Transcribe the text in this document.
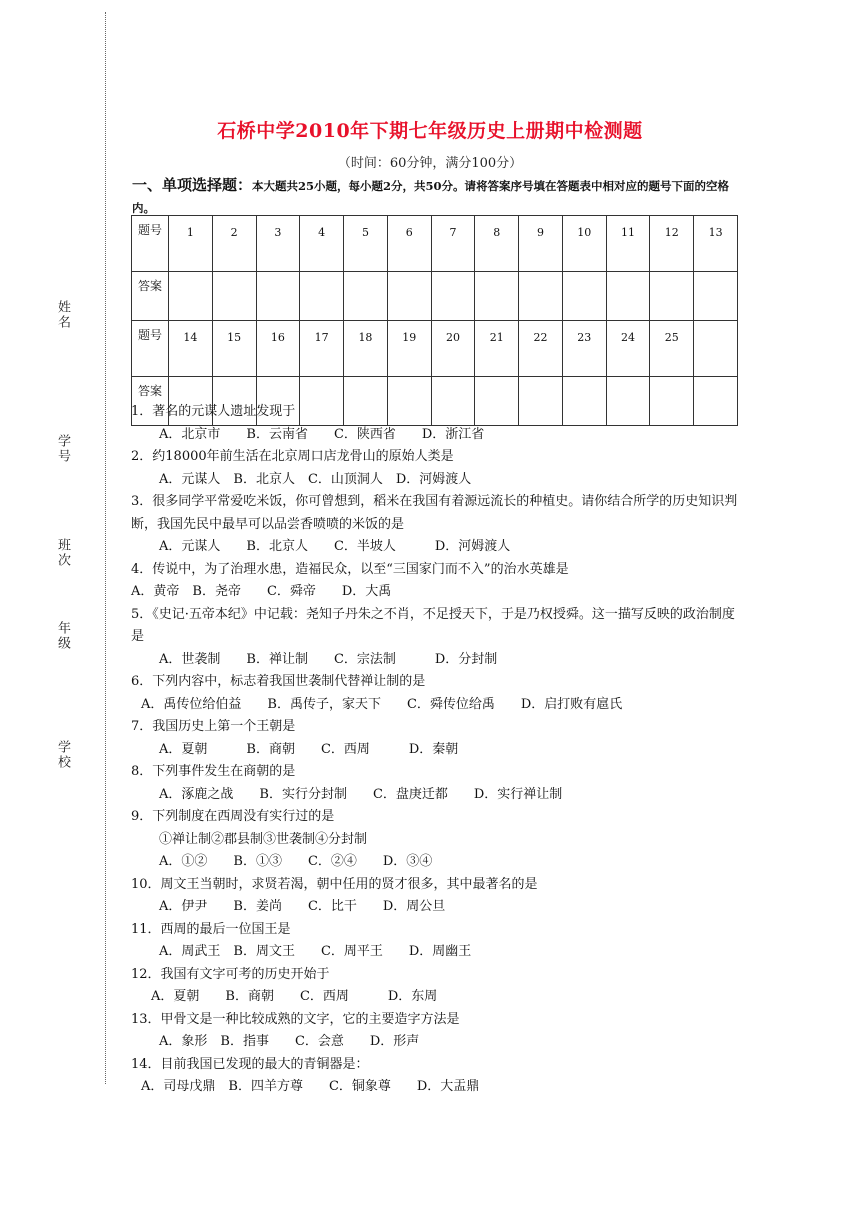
姓名
学号
班次
年级
学校
石桥中学2010年下期七年级历史上册期中检测题
（时间：60分钟，满分100分）
一、单项选择题：本大题共25小题，每小题2分，共50分。请将答案序号填在答题表中相对应的题号下面的空格内。
题号	1	2	3	4	5	6	7	8	9	10	11	12	13
答案													
题号	14	15	16	17	18	19	20	21	22	23	24	25	
答案													
1．著名的元谋人遗址发现于
A．北京市　　B．云南省　　C．陕西省　　D．浙江省
2．约18000年前生活在北京周口店龙骨山的原始人类是
A．元谋人　B．北京人　C．山顶洞人　D．河姆渡人
3．很多同学平常爱吃米饭，你可曾想到，稻米在我国有着源远流长的种植史。请你结合所学的历史知识判断，我国先民中最早可以品尝香喷喷的米饭的是
A．元谋人　　B．北京人　　C．半坡人　　　D．河姆渡人
4．传说中，为了治理水患，造福民众，以至“三国家门而不入”的治水英雄是
A．黄帝　B．尧帝　　C．舜帝　　D．大禹
5．《史记·五帝本纪》中记载：尧知子丹朱之不肖，不足授天下，于是乃权授舜。这一描写反映的政治制度是
A．世袭制　　B．禅让制　　C．宗法制　　　D．分封制
6．下列内容中，标志着我国世袭制代替禅让制的是
A．禹传位给伯益　　B．禹传子，家天下　　C．舜传位给禹　　D．启打败有扈氏
7．我国历史上第一个王朝是
A．夏朝　　　B．商朝　　C．西周　　　D．秦朝
8．下列事件发生在商朝的是
A．涿鹿之战　　B．实行分封制　　C．盘庚迁都　　D．实行禅让制
9．下列制度在西周没有实行过的是
①禅让制②郡县制③世袭制④分封制
A．①②　　B．①③　　C．②④　　D．③④
10．周文王当朝时，求贤若渴，朝中任用的贤才很多，其中最著名的是
A．伊尹　　B．姜尚　　C．比干　　D．周公旦
11．西周的最后一位国王是
A．周武王　B．周文王　　C．周平王　　D．周幽王
12．我国有文字可考的历史开始于
A．夏朝　　B．商朝　　C．西周　　　D．东周
13．甲骨文是一种比较成熟的文字，它的主要造字方法是
A．象形　B．指事　　C．会意　　D．形声
14．目前我国已发现的最大的青铜器是：
A．司母戊鼎　B．四羊方尊　　C．铜象尊　　D．大盂鼎
